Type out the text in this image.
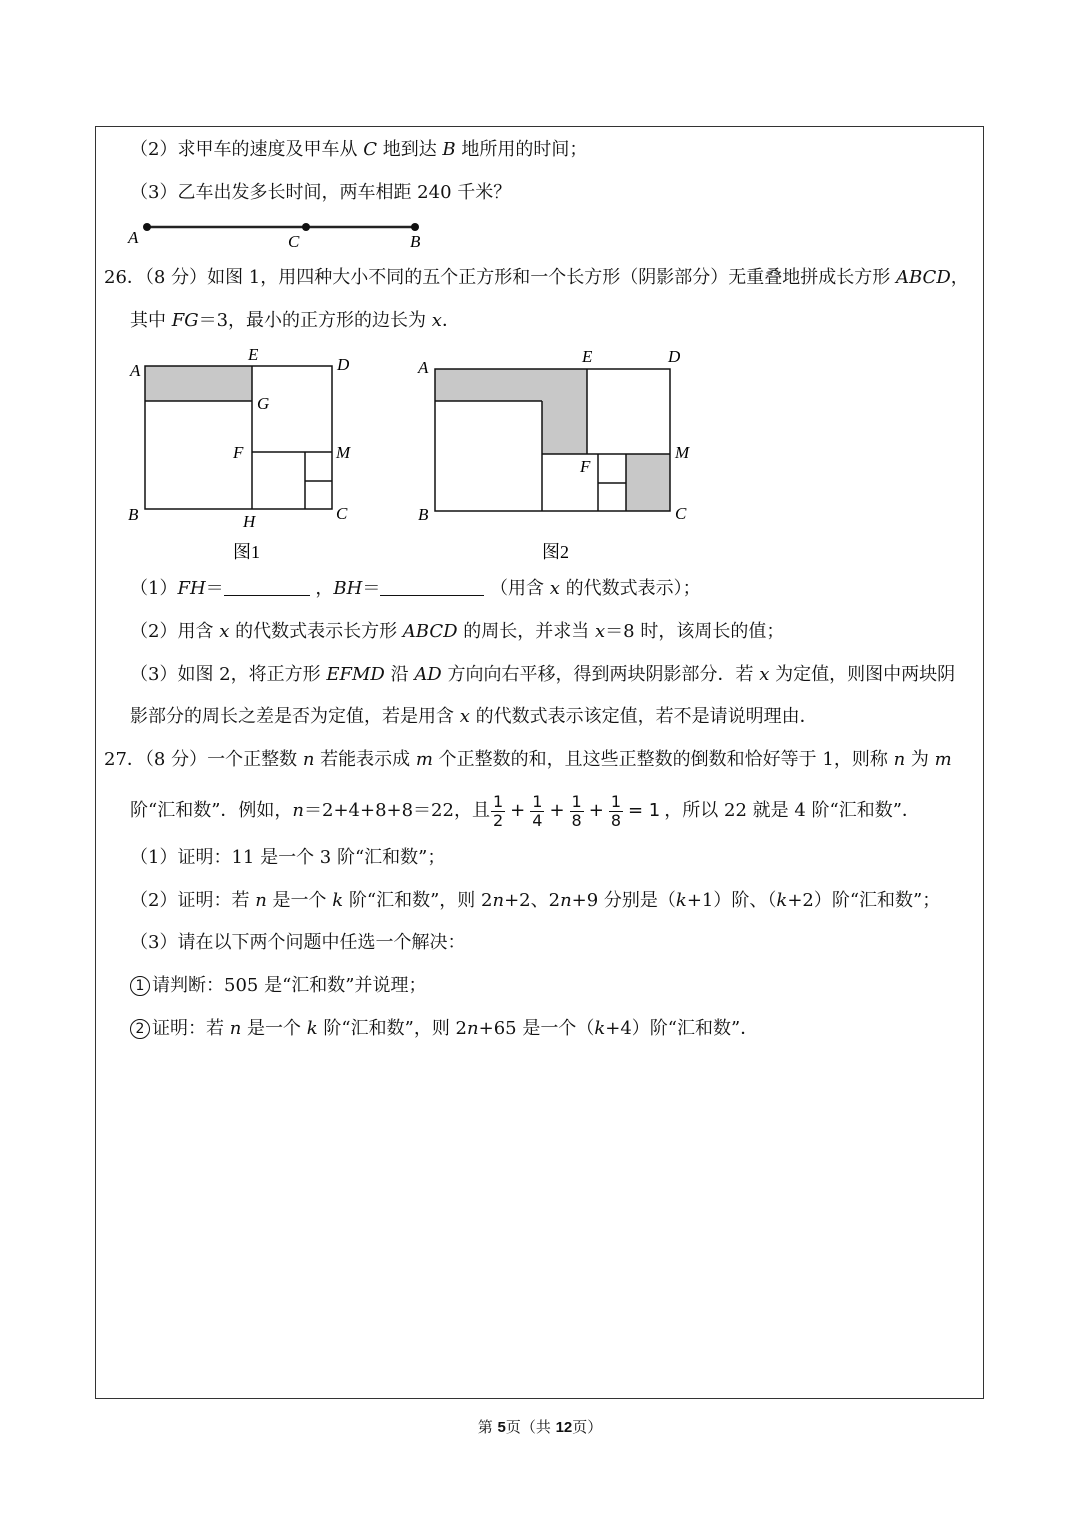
（2）求甲车的速度及甲车从 C 地到达 B 地所用的时间；
（3）乙车出发多长时间，两车相距 240 千米？
A	C	B
26．（8 分）如图 1，用四种大小不同的五个正方形和一个长方形（阴影部分）无重叠地拼成长方形 ABCD，
其中 FG＝3，最小的正方形的边长为 x．
A
E
D
G
F	M
B	H	C
图1
A
E	D
F
M
B	C
图2
（1）FH＝	，BH＝	（用含 x 的代数式表示）；
（2）用含 x 的代数式表示长方形 ABCD 的周长，并求当 x＝8 时，该周长的值；
（3）如图 2，将正方形 EFMD 沿 AD 方向向右平移，得到两块阴影部分．若 x 为定值，则图中两块阴
影部分的周长之差是否为定值，若是用含 x 的代数式表示该定值，若不是请说明理由．
27．（8 分）一个正整数 n 若能表示成 m 个正整数的和，且这些正整数的倒数和恰好等于 1，则称 n 为 m
阶“汇和数”．例如，n＝2+4+8+8＝22，且 $\frac{1}{2} + \frac{1}{4} + \frac{1}{8} + \frac{1}{8} = 1$ ，所以 22 就是 4 阶“汇和数”．
（1）证明：11 是一个 3 阶“汇和数”；
（2）证明：若 n 是一个 k 阶“汇和数”，则 2n+2、2n+9 分别是（k+1）阶、（k+2）阶“汇和数”；
（3）请在以下两个问题中任选一个解决：
1 请判断：505 是“汇和数”并说理；
2 证明：若 n 是一个 k 阶“汇和数”，则 2n+65 是一个（k+4）阶“汇和数”．
第 5页（共 12页）
